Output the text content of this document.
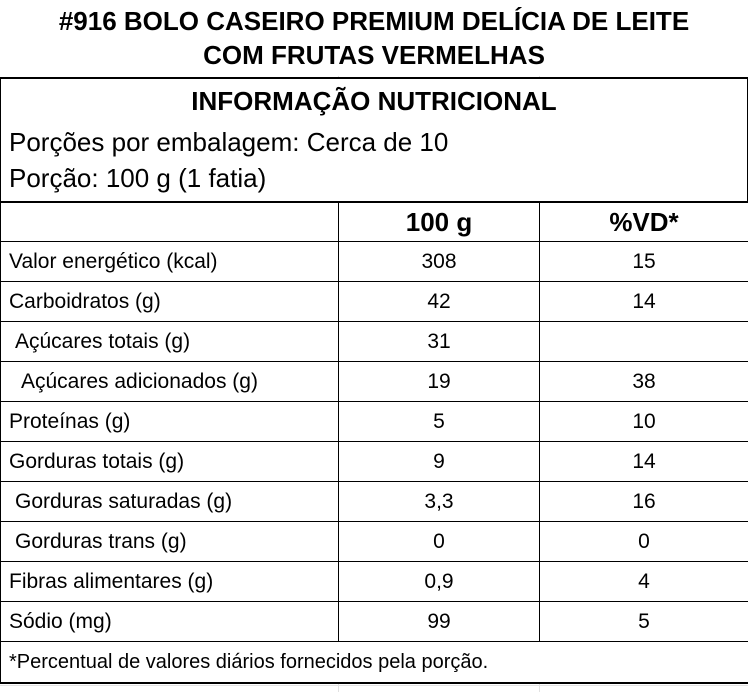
#916 BOLO CASEIRO PREMIUM DELÍCIA DE LEITE
COM FRUTAS VERMELHAS
INFORMAÇÃO NUTRICIONAL
Porções por embalagem: Cerca de 10
Porção: 100 g (1 fatia)
	100 g	%VD*
Valor energético (kcal)	308	15
Carboidratos (g)	42	14
Açúcares totais (g)	31	
Açúcares adicionados (g)	19	38
Proteínas (g)	5	10
Gorduras totais (g)	9	14
Gorduras saturadas (g)	3,3	16
Gorduras trans (g)	0	0
Fibras alimentares (g)	0,9	4
Sódio (mg)	99	5
*Percentual de valores diários fornecidos pela porção.		
